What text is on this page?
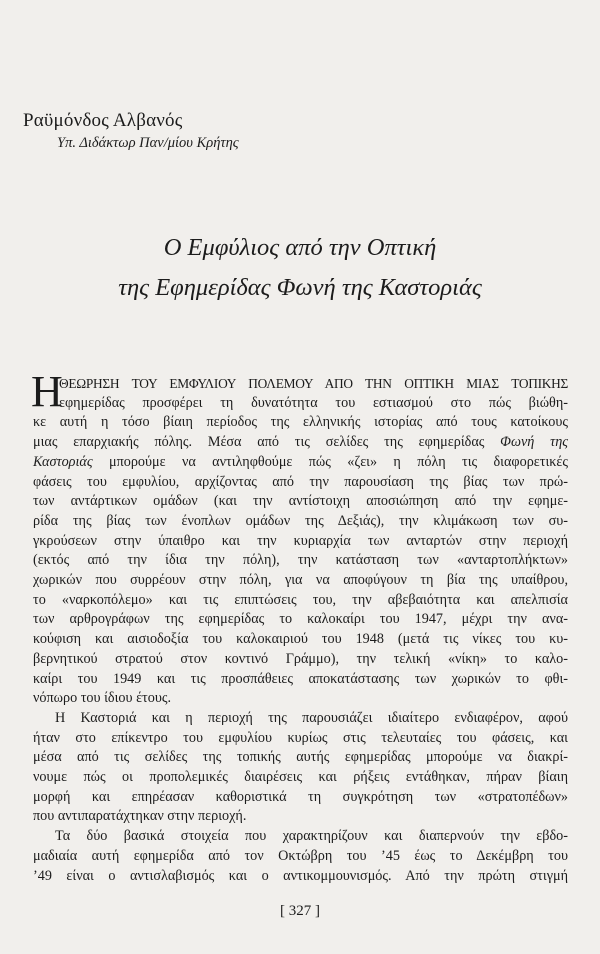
Ραϋμόνδος Αλβανός
Υπ. Διδάκτωρ Παν/μίου Κρήτης
Ο Εμφύλιος από την Οπτική
της Εφημερίδας Φωνή της Καστοριάς
Η
ΘΕΩΡΗΣΗ ΤΟΥ ΕΜΦΥΛΙΟΥ ΠΟΛΕΜΟΥ ΑΠΟ ΤΗΝ ΟΠΤΙΚΗ ΜΙΑΣ ΤΟΠΙΚΗΣ
εφημερίδας προσφέρει τη δυνατότητα του εστιασμού στο πώς βιώθη-
κε αυτή η τόσο βίαιη περίοδος της ελληνικής ιστορίας από τους κατοίκους
μιας επαρχιακής πόλης. Μέσα από τις σελίδες της εφημερίδας Φωνή της
Καστοριάς μπορούμε να αντιληφθούμε πώς «ζει» η πόλη τις διαφορετικές
φάσεις του εμφυλίου, αρχίζοντας από την παρουσίαση της βίας των πρώ-
των αντάρτικων ομάδων (και την αντίστοιχη αποσιώπηση από την εφημε-
ρίδα της βίας των ένοπλων ομάδων της Δεξιάς), την κλιμάκωση των συ-
γκρούσεων στην ύπαιθρο και την κυριαρχία των ανταρτών στην περιοχή
(εκτός από την ίδια την πόλη), την κατάσταση των «ανταρτοπλήκτων»
χωρικών που συρρέουν στην πόλη, για να αποφύγουν τη βία της υπαίθρου,
το «ναρκοπόλεμο» και τις επιπτώσεις του, την αβεβαιότητα και απελπισία
των αρθρογράφων της εφημερίδας το καλοκαίρι του 1947, μέχρι την ανα-
κούφιση και αισιοδοξία του καλοκαιριού του 1948 (μετά τις νίκες του κυ-
βερνητικού στρατού στον κοντινό Γράμμο), την τελική «νίκη» το καλο-
καίρι του 1949 και τις προσπάθειες αποκατάστασης των χωρικών το φθι-
νόπωρο του ίδιου έτους.
Η Καστοριά και η περιοχή της παρουσιάζει ιδιαίτερο ενδιαφέρον, αφού
ήταν στο επίκεντρο του εμφυλίου κυρίως στις τελευταίες του φάσεις, και
μέσα από τις σελίδες της τοπικής αυτής εφημερίδας μπορούμε να διακρί-
νουμε πώς οι προπολεμικές διαιρέσεις και ρήξεις εντάθηκαν, πήραν βίαιη
μορφή και επηρέασαν καθοριστικά τη συγκρότηση των «στρατοπέδων»
που αντιπαρατάχτηκαν στην περιοχή.
Τα δύο βασικά στοιχεία που χαρακτηρίζουν και διαπερνούν την εβδο-
μαδιαία αυτή εφημερίδα από τον Οκτώβρη του ’45 έως το Δεκέμβρη του
’49 είναι ο αντισλαβισμός και ο αντικομμουνισμός. Από την πρώτη στιγμή
[ 327 ]
